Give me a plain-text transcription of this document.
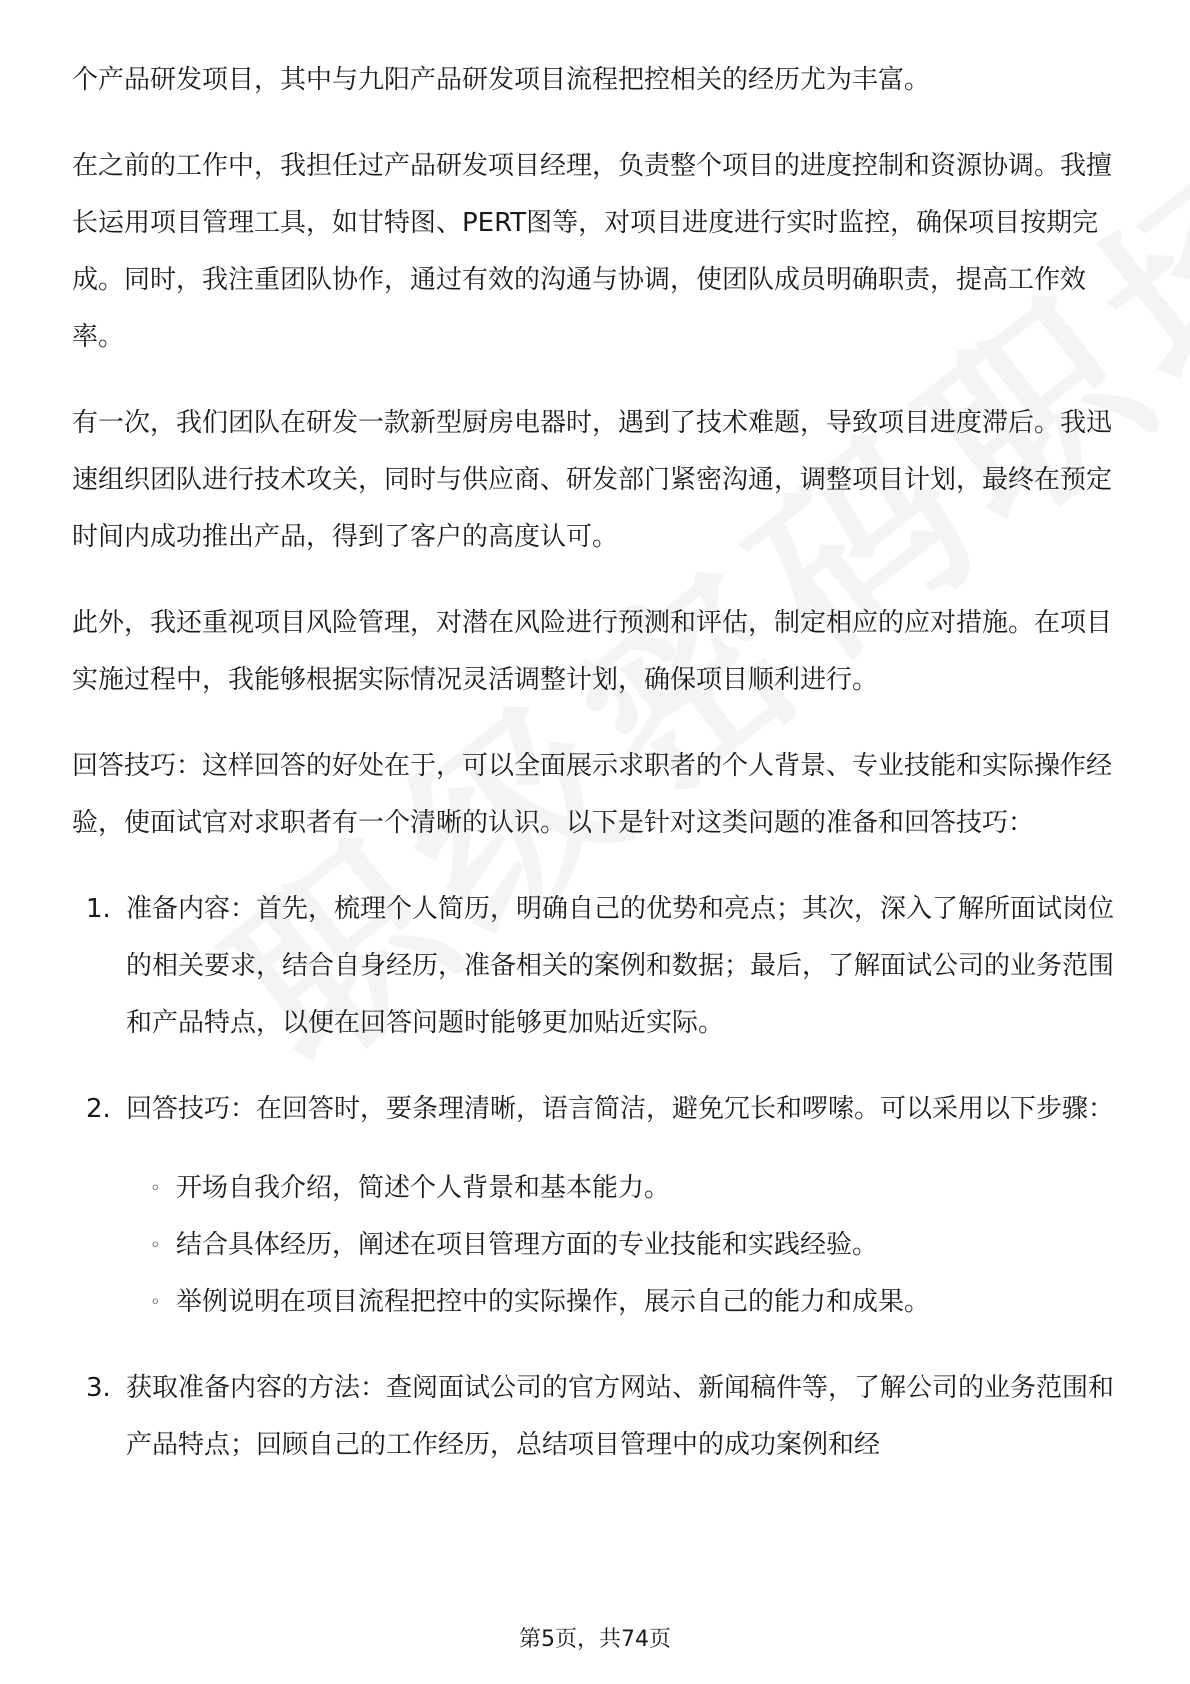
个产品研发项目，其中与九阳产品研发项目流程把控相关的经历尤为丰富。

在之前的工作中，我担任过产品研发项目经理，负责整个项目的进度控制和资源协调。我擅长运用项目管理工具，如甘特图、PERT图等，对项目进度进行实时监控，确保项目按期完成。同时，我注重团队协作，通过有效的沟通与协调，使团队成员明确职责，提高工作效率。

有一次，我们团队在研发一款新型厨房电器时，遇到了技术难题，导致项目进度滞后。我迅速组织团队进行技术攻关，同时与供应商、研发部门紧密沟通，调整项目计划，最终在预定时间内成功推出产品，得到了客户的高度认可。

此外，我还重视项目风险管理，对潜在风险进行预测和评估，制定相应的应对措施。在项目实施过程中，我能够根据实际情况灵活调整计划，确保项目顺利进行。

回答技巧：这样回答的好处在于，可以全面展示求职者的个人背景、专业技能和实际操作经验，使面试官对求职者有一个清晰的认识。以下是针对这类问题的准备和回答技巧：

1. 准备内容：首先，梳理个人简历，明确自己的优势和亮点；其次，深入了解所面试岗位的相关要求，结合自身经历，准备相关的案例和数据；最后，了解面试公司的业务范围和产品特点，以便在回答问题时能够更加贴近实际。
2. 回答技巧：在回答时，要条理清晰，语言简洁，避免冗长和啰嗦。可以采用以下步骤：
◦ 开场自我介绍，简述个人背景和基本能力。
◦ 结合具体经历，阐述在项目管理方面的专业技能和实践经验。
◦ 举例说明在项目流程把控中的实际操作，展示自己的能力和成果。
3. 获取准备内容的方法：查阅面试公司的官方网站、新闻稿件等，了解公司的业务范围和产品特点；回顾自己的工作经历，总结项目管理中的成功案例和经
第5页，共74页
